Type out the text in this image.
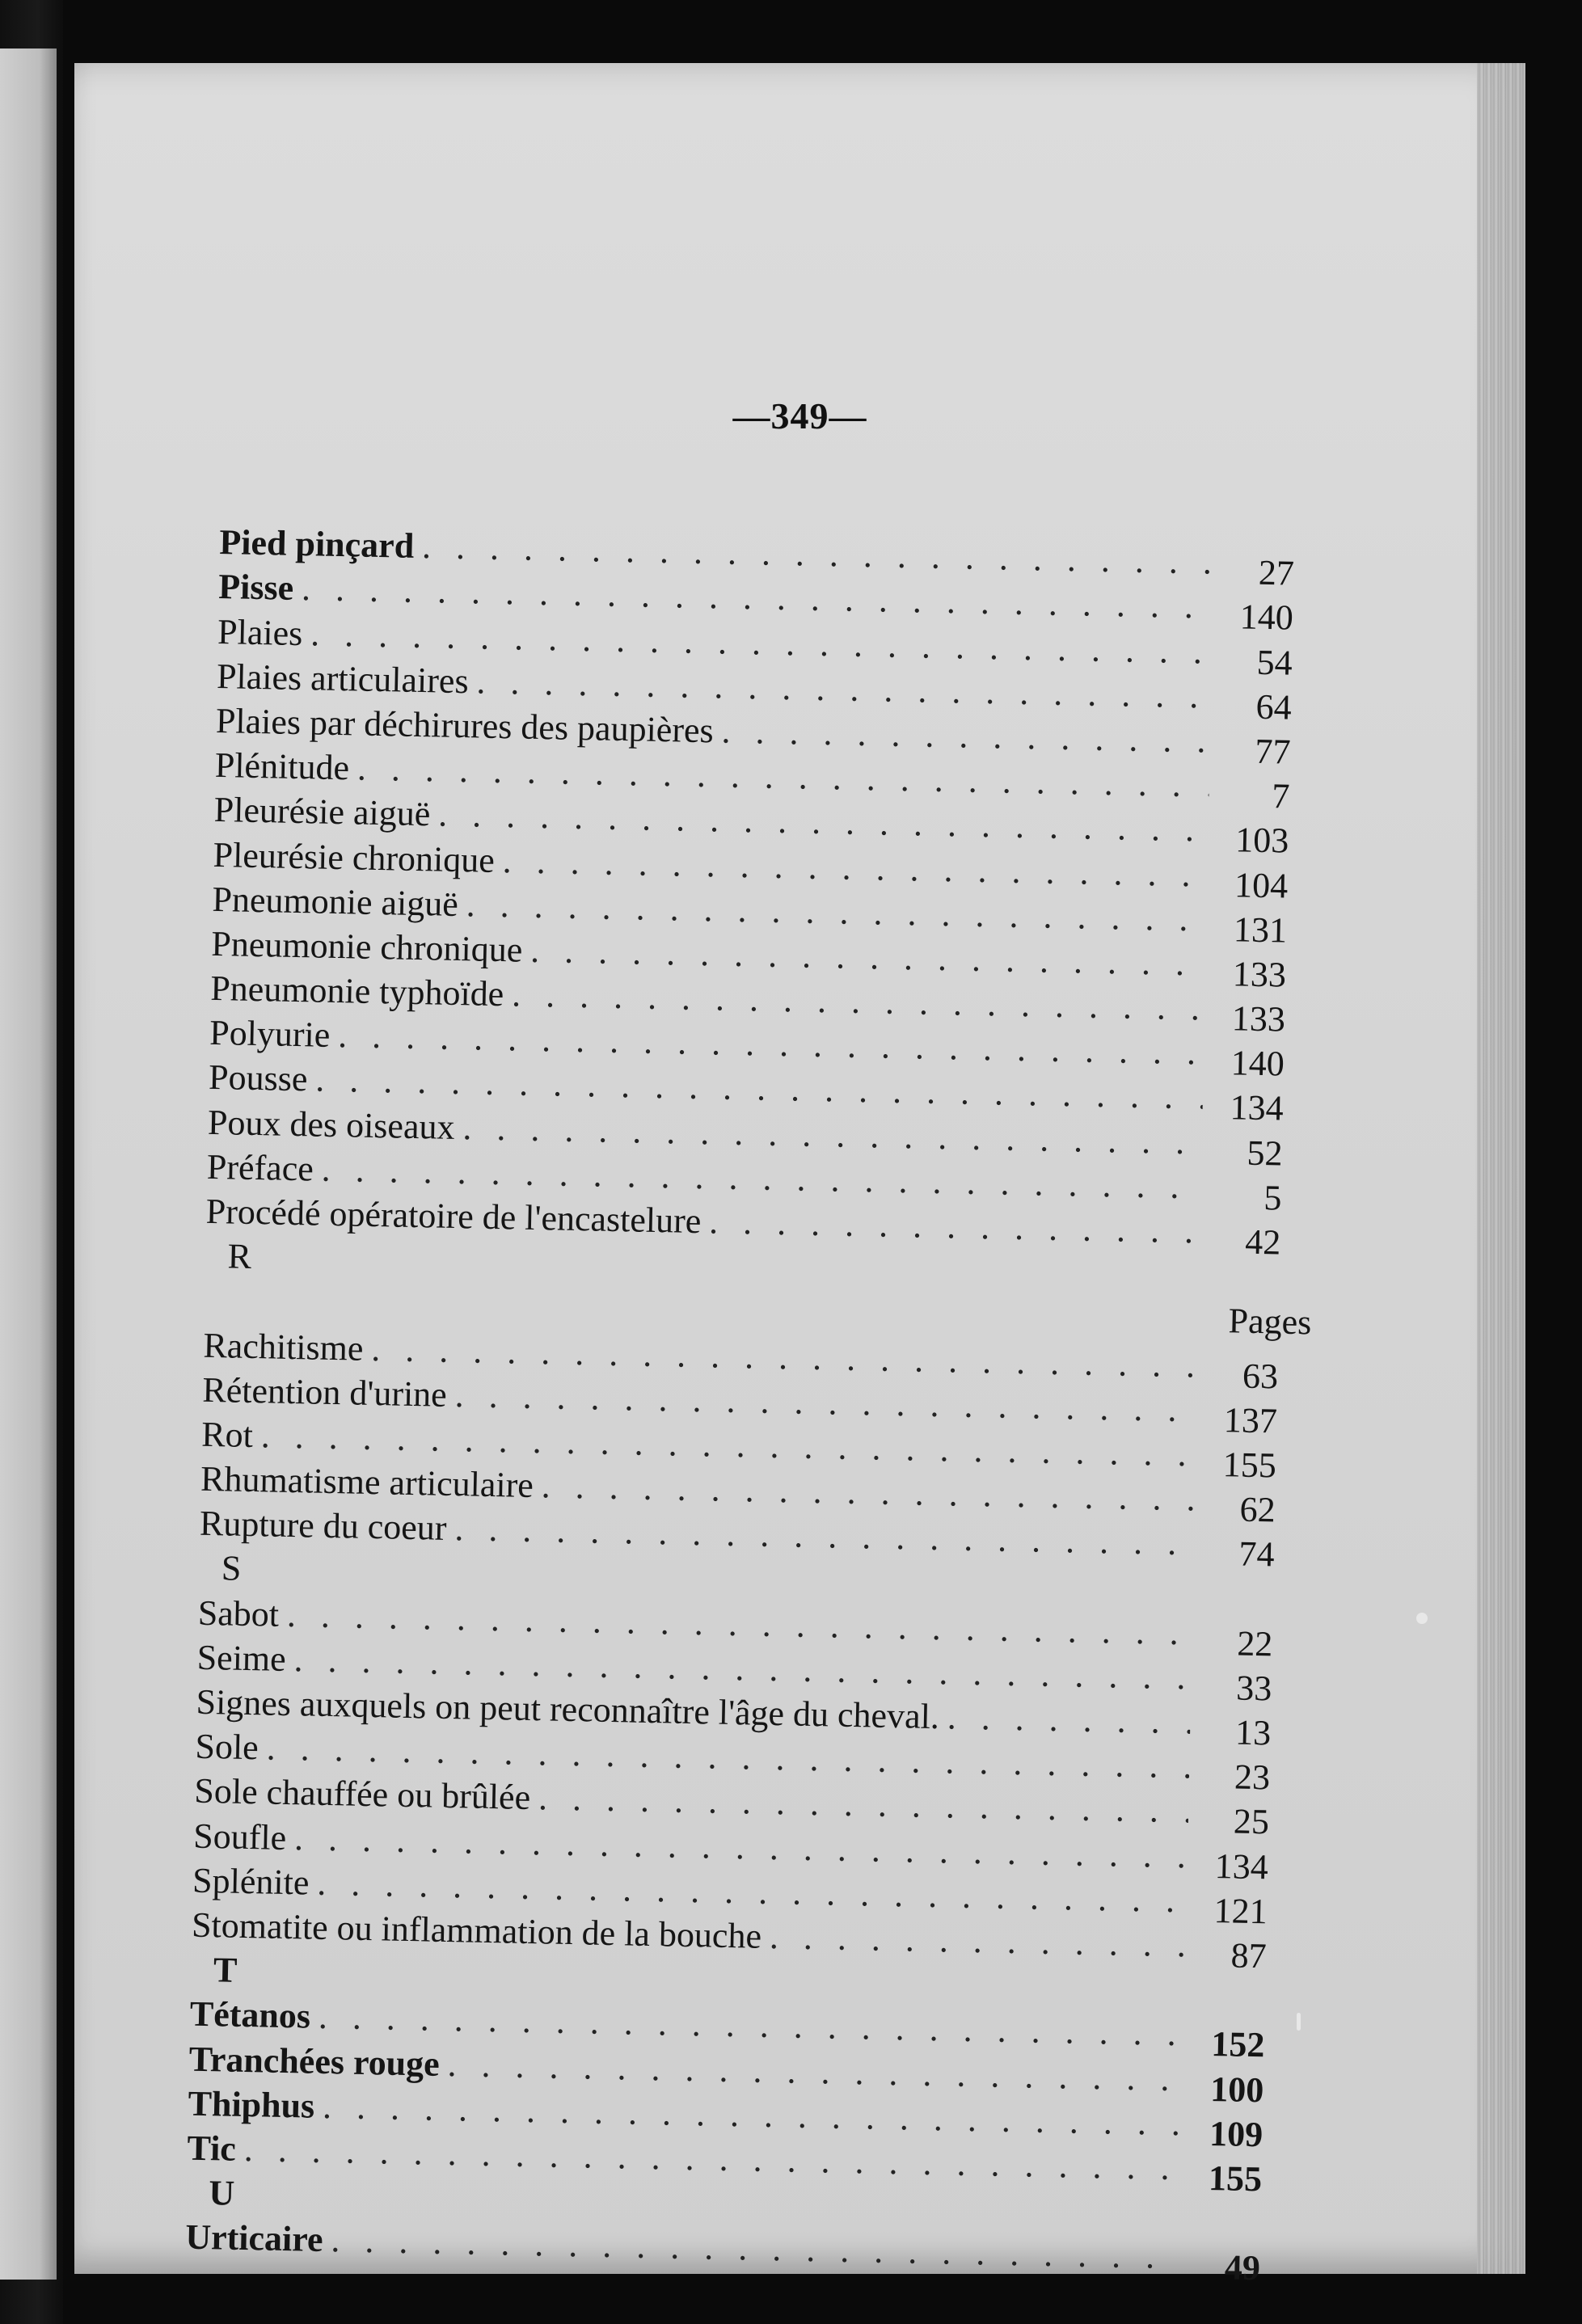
—349—
Pied pinçard
. . .
27
Pisse
. . .
140
Plaies
. . .
54
Plaies articulaires
. . .
64
Plaies par déchirures des paupières
. . .
77
Plénitude
. . .
7
Pleurésie aiguë
. . .
103
Pleurésie chronique
. . .
104
Pneumonie aiguë
. . .
131
Pneumonie chronique
. . .
133
Pneumonie typhoïde
. . .
133
Polyurie
. . .
140
Pousse
. . .
134
Poux des oiseaux
. . .
52
Préface
. . .
5
Procédé opératoire de l'encastelure
. . .
42
R
Pages
Rachitisme
. . .
63
Rétention d'urine
. . .
137
Rot
. . .
155
Rhumatisme articulaire
. . .
62
Rupture du coeur
. . .
74
S
Sabot
. . .
22
Seime
. . .
33
Signes auxquels on peut reconnaître l'âge du cheval. . . .	13
Sole
. . .
23
Sole chauffée ou brûlée
. . .
25
Soufle
. . .
134
Splénite
. . .
121
Stomatite ou inflammation de la bouche . . .	87
T
Tétanos
. . .
152
Tranchées rouge
. . .
100
Thiphus
. . .
109
Tic
. . .
155
U
Urticaire
. . .
49
